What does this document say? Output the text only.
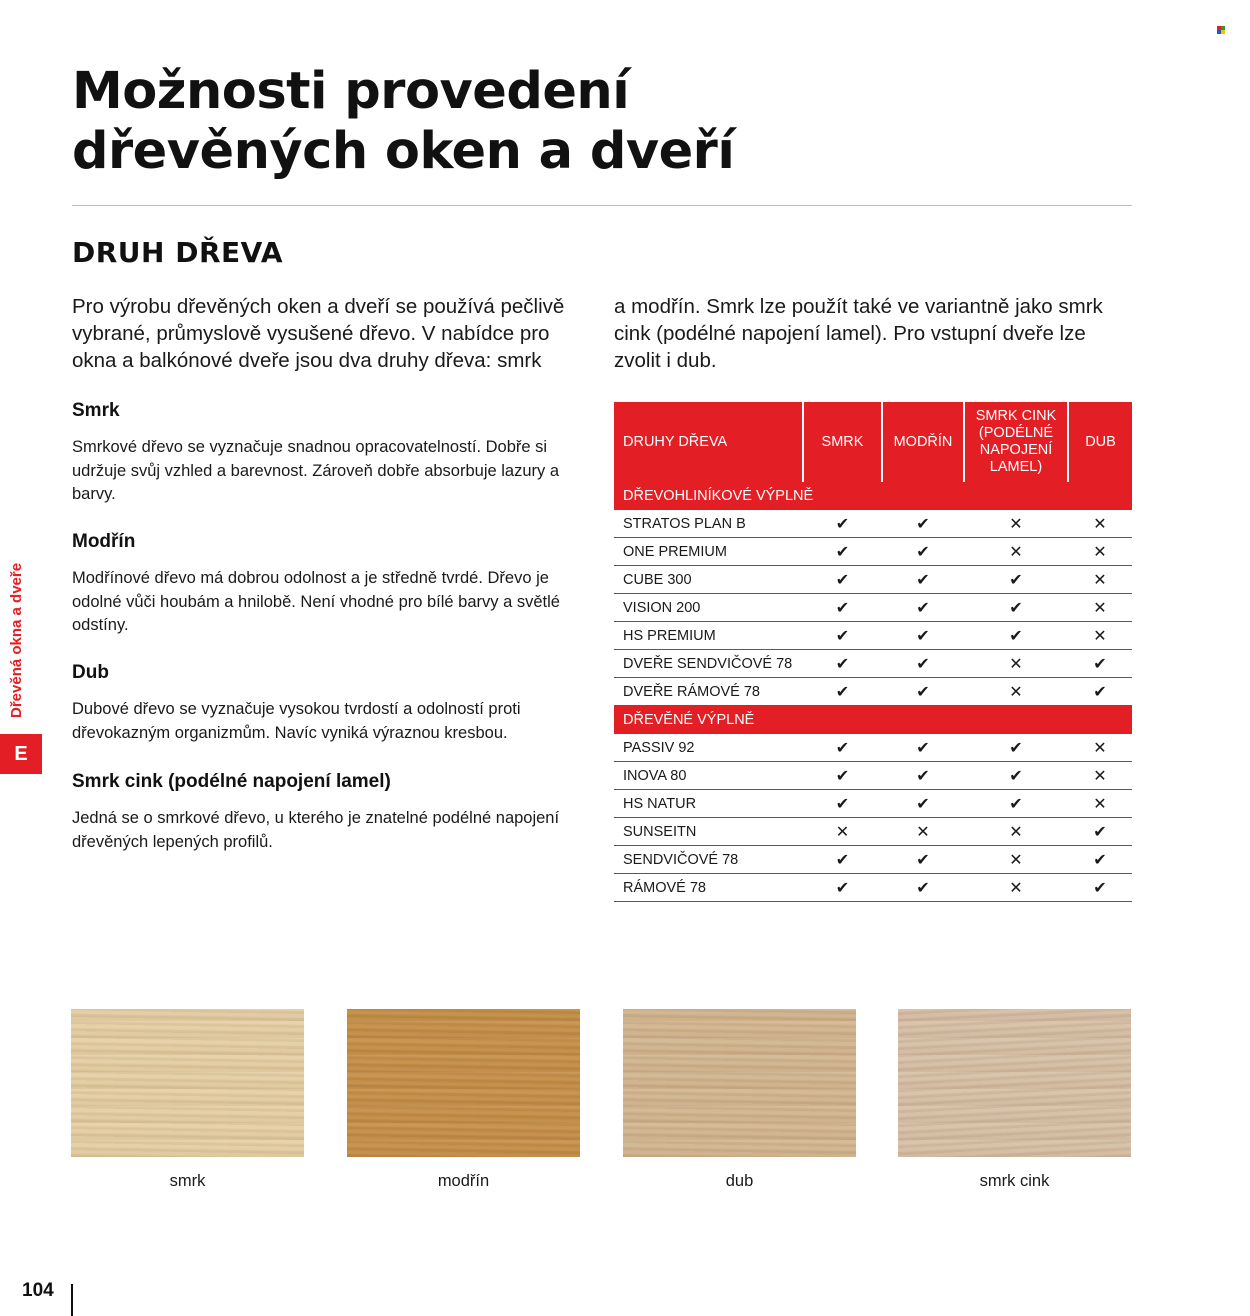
Možnosti provedení
dřevěných oken a dveří
DRUH DŘEVA

Pro výrobu dřevěných oken a dveří se používá pečlivě vybrané, průmyslově vysušené dřevo. V nabídce pro okna a balkónové dveře jsou dva druhy dřeva: smrk

a modřín. Smrk lze použít také ve variantně jako smrk cink (podélné napojení lamel). Pro vstupní dveře lze zvolit i dub.

Smrk

Smrkové dřevo se vyznačuje snadnou opracovatelností. Dobře si udržuje svůj vzhled a barevnost. Zároveň dobře absorbuje lazury a barvy.

Modřín

Modřínové dřevo má dobrou odolnost a je středně tvrdé. Dřevo je odolné vůči houbám a hnilobě. Není vhodné pro bílé barvy a světlé odstíny.

Dub

Dubové dřevo se vyznačuje vysokou tvrdostí a odolností proti dřevokazným organizmům. Navíc vyniká výraznou kresbou.

Smrk cink (podélné napojení lamel)

Jedná se o smrkové dřevo, u kterého je znatelné podélné napojení dřevěných lepených profilů.

Dřevěná okna a dveře
E
DRUHY DŘEVA	SMRK	MODŘÍN	SMRK CINK (PODÉLNÉ NAPOJENÍ LAMEL)	DUB
DŘEVOHLINÍKOVÉ VÝPLNĚ				
STRATOS PLAN B	✔	✔	✕	✕
ONE PREMIUM	✔	✔	✕	✕
CUBE 300	✔	✔	✔	✕
VISION 200	✔	✔	✔	✕
HS PREMIUM	✔	✔	✔	✕
DVEŘE SENDVIČOVÉ 78	✔	✔	✕	✔
DVEŘE RÁMOVÉ 78	✔	✔	✕	✔
DŘEVĚNÉ VÝPLNĚ				
PASSIV 92	✔	✔	✔	✕
INOVA 80	✔	✔	✔	✕
HS NATUR	✔	✔	✔	✕
SUNSEITN	✕	✕	✕	✔
SENDVIČOVÉ 78	✔	✔	✕	✔
RÁMOVÉ 78	✔	✔	✕	✔
smrk	modřín	dub	smrk cink
104
